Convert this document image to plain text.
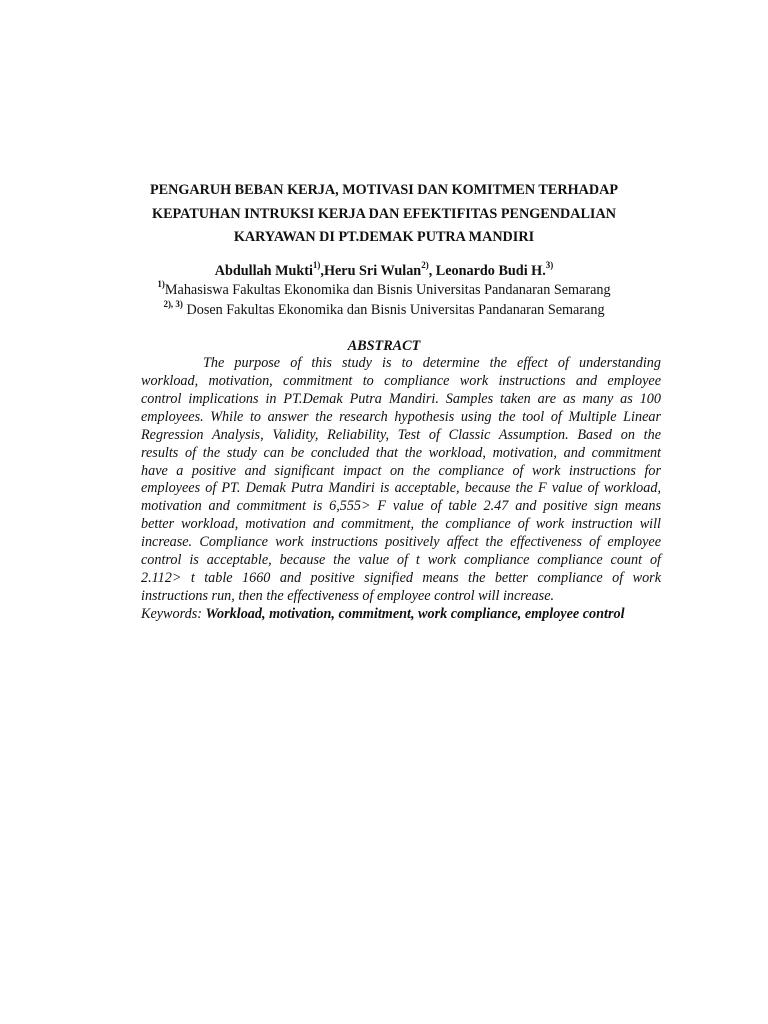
PENGARUH BEBAN KERJA, MOTIVASI DAN KOMITMEN TERHADAP
KEPATUHAN INTRUKSI KERJA DAN EFEKTIFITAS PENGENDALIAN
KARYAWAN DI PT.DEMAK PUTRA MANDIRI
Abdullah Mukti$^{1)}$,Heru Sri Wulan$^{2)}$, Leonardo Budi H.$^{3)}$
$^{1)}$Mahasiswa Fakultas Ekonomika dan Bisnis Universitas Pandanaran Semarang
$^{2), 3)}$ Dosen Fakultas Ekonomika dan Bisnis Universitas Pandanaran Semarang
ABSTRACT
The purpose of this study is to determine the effect of understanding
workload, motivation, commitment to compliance work instructions and employee
control implications in PT.Demak Putra Mandiri. Samples taken are as many as 100
employees. While to answer the research hypothesis using the tool of Multiple Linear
Regression Analysis, Validity, Reliability, Test of Classic Assumption. Based on the
results of the study can be concluded that the workload, motivation, and commitment
have a positive and significant impact on the compliance of work instructions for
employees of PT. Demak Putra Mandiri is acceptable, because the F value of workload,
motivation and commitment is 6,555> F value of table 2.47 and positive sign means
better workload, motivation and commitment, the compliance of work instruction will
increase. Compliance work instructions positively affect the effectiveness of employee
control is acceptable, because the value of t work compliance compliance count of
2.112> t table 1660 and positive signified means the better compliance of work
instructions run, then the effectiveness of employee control will increase.
Keywords: Workload, motivation, commitment, work compliance, employee control
